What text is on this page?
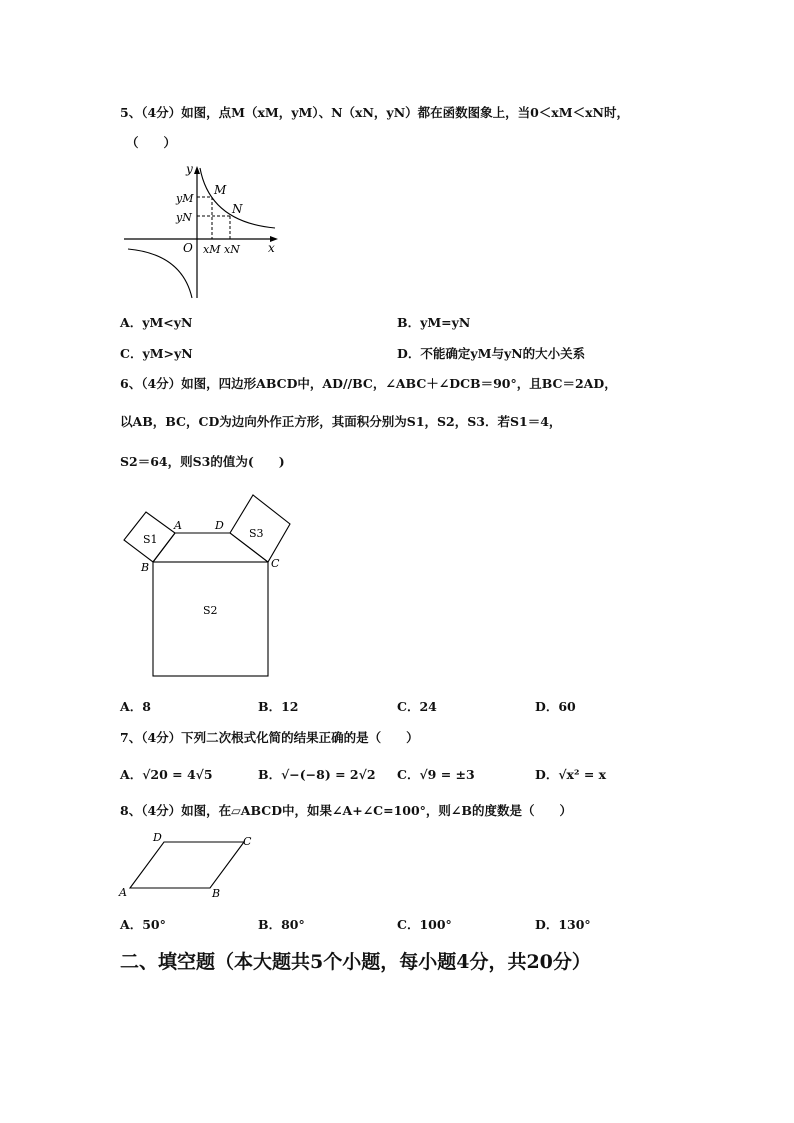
5、（4分）如图，点M（xM，yM）、N（xN，yN）都在函数图象上，当0＜xM＜xN时，
（　　）
y
x
O
M
N
yM
yN
xM xN
A．yM<yN	B．yM=yN
C．yM>yN	D．不能确定yM与yN的大小关系
6、（4分）如图，四边形ABCD中，AD//BC，∠ABC＋∠DCB＝90°，且BC＝2AD，
以AB，BC，CD为边向外作正方形，其面积分别为S1，S2，S3．若S1＝4，
S2＝64，则S3的值为(　　)
A	D
B	C
S1	S3
S2
A．8	B．12	C．24	D．60
7、（4分）下列二次根式化简的结果正确的是（　　）
A．√20 = 4√5	B．√−(−8) = 2√2 C．√9 = ±3	D．√x² = x
8、（4分）如图，在▱ABCD中，如果∠A+∠C=100°，则∠B的度数是（　　）
A	B
C
D
A．50°	B．80°	C．100°	D．130°
二、填空题（本大题共5个小题，每小题4分，共20分）
